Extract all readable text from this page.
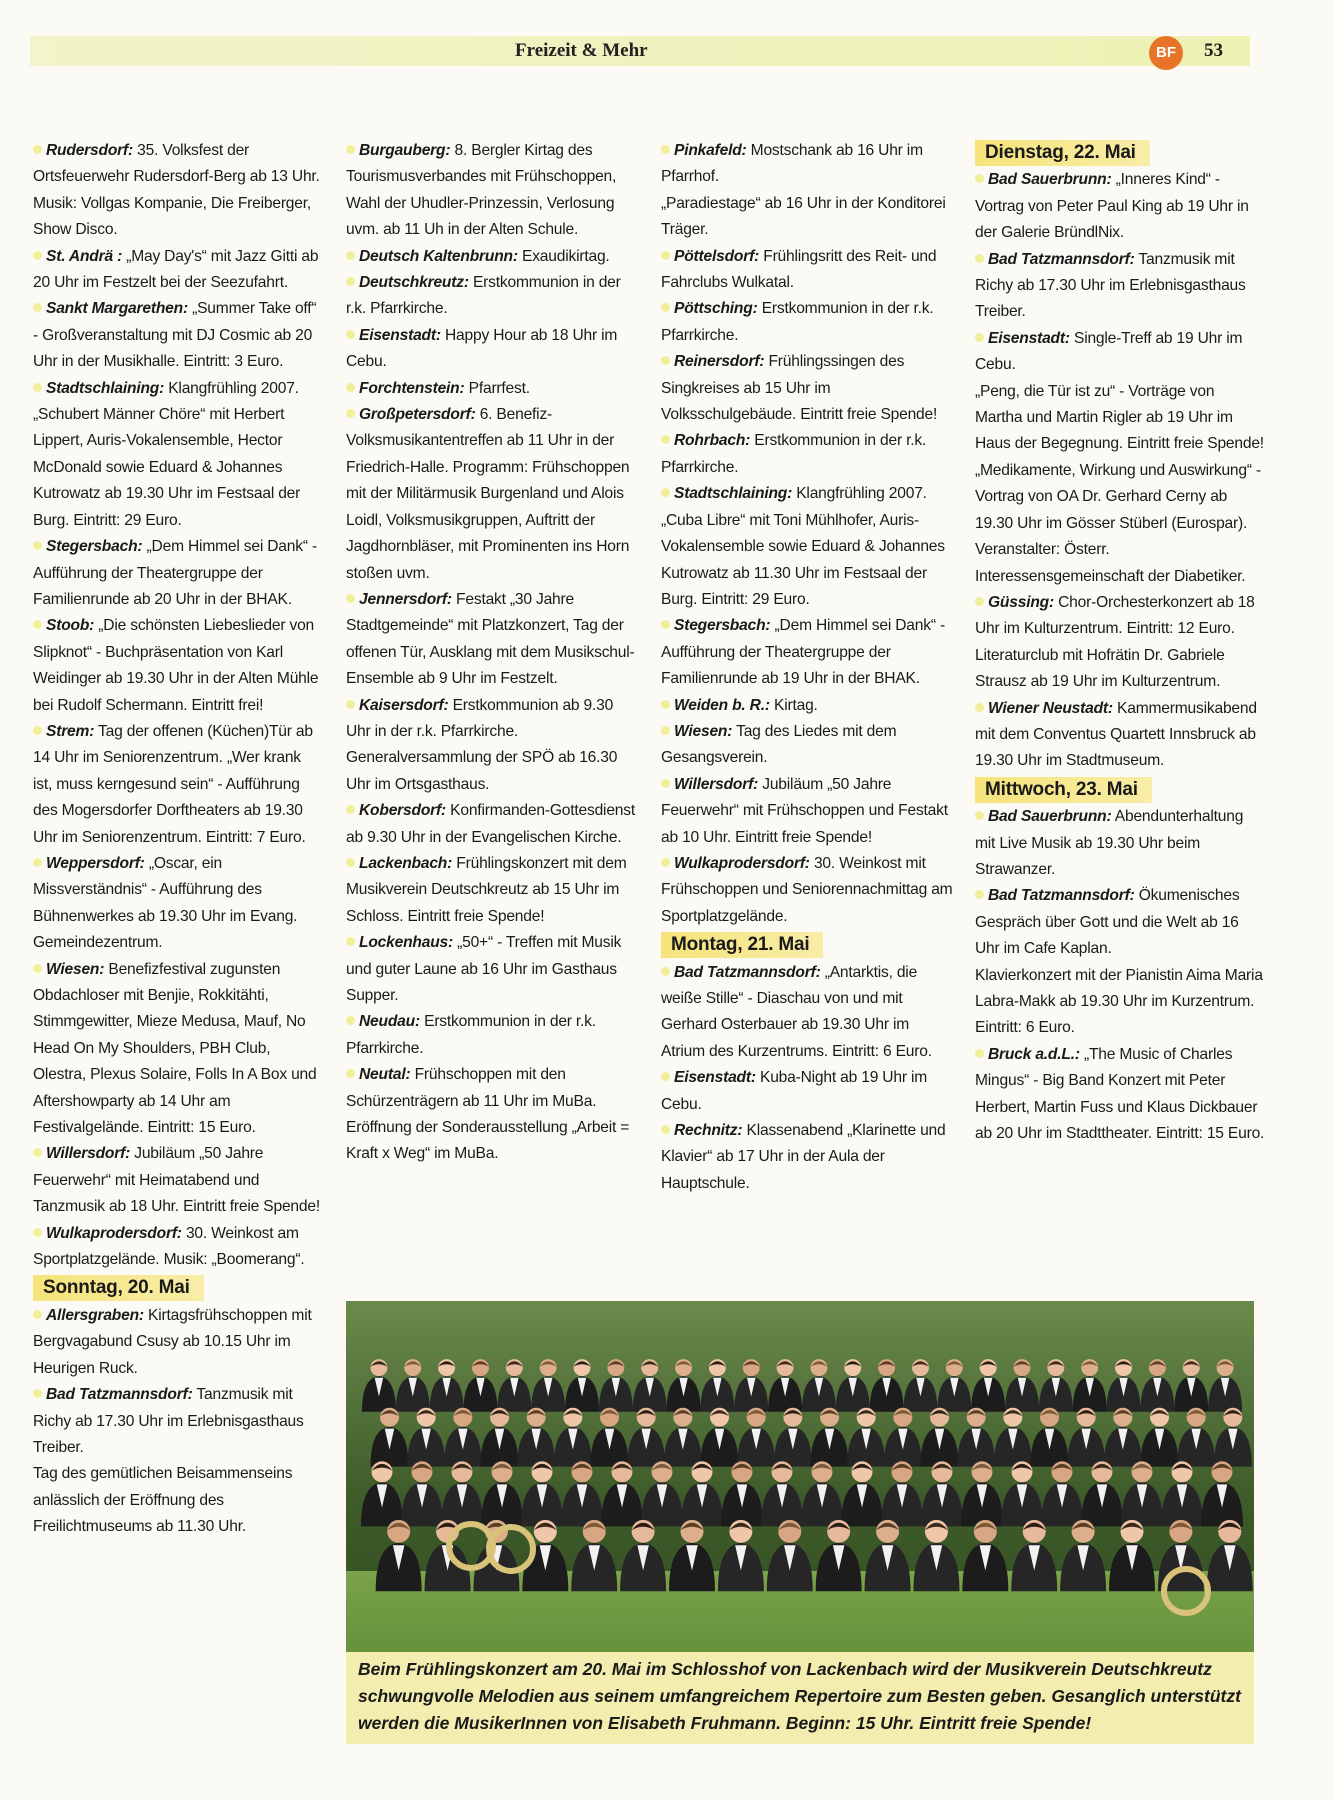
Freizeit & Mehr	BF	53

Rudersdorf: 35. Volksfest der Ortsfeuerwehr Rudersdorf-Berg ab 13 Uhr. Musik: Vollgas Kompanie, Die Freiberger, Show Disco.

St. Andrä : „May Day's“ mit Jazz Gitti ab 20 Uhr im Festzelt bei der Seezufahrt.

Sankt Margarethen: „Summer Take off“ - Großveranstaltung mit DJ Cosmic ab 20 Uhr in der Musikhalle. Eintritt: 3 Euro.

Stadtschlaining: Klangfrühling 2007. „Schubert Männer Chöre“ mit Herbert Lippert, Auris-Vokalensemble, Hector McDonald sowie Eduard & Johannes Kutrowatz ab 19.30 Uhr im Festsaal der Burg. Eintritt: 29 Euro.

Stegersbach: „Dem Himmel sei Dank“ - Aufführung der Theatergruppe der Familienrunde ab 20 Uhr in der BHAK.

Stoob: „Die schönsten Liebeslieder von Slipknot“ - Buchpräsentation von Karl Weidinger ab 19.30 Uhr in der Alten Mühle bei Rudolf Schermann. Eintritt frei!

Strem: Tag der offenen (Küchen)Tür ab 14 Uhr im Seniorenzentrum. „Wer krank ist, muss kerngesund sein“ - Aufführung des Mogersdorfer Dorftheaters ab 19.30 Uhr im Seniorenzentrum. Eintritt: 7 Euro.

Weppersdorf: „Oscar, ein Missverständnis“ - Aufführung des Bühnenwerkes ab 19.30 Uhr im Evang. Gemeindezentrum.

Wiesen: Benefizfestival zugunsten Obdachloser mit Benjie, Rokkitähti, Stimmgewitter, Mieze Medusa, Mauf, No Head On My Shoulders, PBH Club, Olestra, Plexus Solaire, Folls In A Box und Aftershowparty ab 14 Uhr am Festivalgelände. Eintritt: 15 Euro.

Willersdorf: Jubiläum „50 Jahre Feuerwehr“ mit Heimatabend und Tanzmusik ab 18 Uhr. Eintritt freie Spende!

Wulkaprodersdorf: 30. Weinkost am Sportplatzgelände. Musik: „Boomerang“.

Sonntag, 20. Mai

Allersgraben: Kirtagsfrühschoppen mit Bergvagabund Csusy ab 10.15 Uhr im Heurigen Ruck.

Bad Tatzmannsdorf: Tanzmusik mit Richy ab 17.30 Uhr im Erlebnisgasthaus Treiber.

Tag des gemütlichen Beisammenseins anlässlich der Eröffnung des Freilichtmuseums ab 11.30 Uhr.

Burgauberg: 8. Bergler Kirtag des Tourismusverbandes mit Frühschoppen, Wahl der Uhudler-Prinzessin, Verlosung uvm. ab 11 Uh in der Alten Schule.

Deutsch Kaltenbrunn: Exaudikirtag.

Deutschkreutz: Erstkommunion in der r.k. Pfarrkirche.

Eisenstadt: Happy Hour ab 18 Uhr im Cebu.

Forchtenstein: Pfarrfest.

Großpetersdorf: 6. Benefiz-Volksmusikantentreffen ab 11 Uhr in der Friedrich-Halle. Programm: Frühschoppen mit der Militärmusik Burgenland und Alois Loidl, Volksmusikgruppen, Auftritt der Jagdhornbläser, mit Prominenten ins Horn stoßen uvm.

Jennersdorf: Festakt „30 Jahre Stadtgemeinde“ mit Platzkonzert, Tag der offenen Tür, Ausklang mit dem Musikschul-Ensemble ab 9 Uhr im Festzelt.

Kaisersdorf: Erstkommunion ab 9.30 Uhr in der r.k. Pfarrkirche. Generalversammlung der SPÖ ab 16.30 Uhr im Ortsgasthaus.

Kobersdorf: Konfirmanden-Gottesdienst ab 9.30 Uhr in der Evangelischen Kirche.

Lackenbach: Frühlingskonzert mit dem Musikverein Deutschkreutz ab 15 Uhr im Schloss. Eintritt freie Spende!

Lockenhaus: „50+“ - Treffen mit Musik und guter Laune ab 16 Uhr im Gasthaus Supper.

Neudau: Erstkommunion in der r.k. Pfarrkirche.

Neutal: Frühschoppen mit den Schürzenträgern ab 11 Uhr im MuBa. Eröffnung der Sonderausstellung „Arbeit = Kraft x Weg“ im MuBa.

Pinkafeld: Mostschank ab 16 Uhr im Pfarrhof.

„Paradiestage“ ab 16 Uhr in der Konditorei Träger.

Pöttelsdorf: Frühlingsritt des Reit- und Fahrclubs Wulkatal.

Pöttsching: Erstkommunion in der r.k. Pfarrkirche.

Reinersdorf: Frühlingssingen des Singkreises ab 15 Uhr im Volksschulgebäude. Eintritt freie Spende!

Rohrbach: Erstkommunion in der r.k. Pfarrkirche.

Stadtschlaining: Klangfrühling 2007. „Cuba Libre“ mit Toni Mühlhofer, Auris-Vokalensemble sowie Eduard & Johannes Kutrowatz ab 11.30 Uhr im Festsaal der Burg. Eintritt: 29 Euro.

Stegersbach: „Dem Himmel sei Dank“ - Aufführung der Theatergruppe der Familienrunde ab 19 Uhr in der BHAK.

Weiden b. R.: Kirtag.

Wiesen: Tag des Liedes mit dem Gesangsverein.

Willersdorf: Jubiläum „50 Jahre Feuerwehr“ mit Frühschoppen und Festakt ab 10 Uhr. Eintritt freie Spende!

Wulkaprodersdorf: 30. Weinkost mit Frühschoppen und Seniorennachmittag am Sportplatzgelände.

Montag, 21. Mai

Bad Tatzmannsdorf: „Antarktis, die weiße Stille“ - Diaschau von und mit Gerhard Osterbauer ab 19.30 Uhr im Atrium des Kurzentrums. Eintritt: 6 Euro.

Eisenstadt: Kuba-Night ab 19 Uhr im Cebu.

Rechnitz: Klassenabend „Klarinette und Klavier“ ab 17 Uhr in der Aula der Hauptschule.

Dienstag, 22. Mai

Bad Sauerbrunn: „Inneres Kind“ - Vortrag von Peter Paul King ab 19 Uhr in der Galerie BründlNix.

Bad Tatzmannsdorf: Tanzmusik mit Richy ab 17.30 Uhr im Erlebnisgasthaus Treiber.

Eisenstadt: Single-Treff ab 19 Uhr im Cebu.

„Peng, die Tür ist zu“ - Vorträge von Martha und Martin Rigler ab 19 Uhr im Haus der Begegnung. Eintritt freie Spende!

„Medikamente, Wirkung und Auswirkung“ - Vortrag von OA Dr. Gerhard Cerny ab 19.30 Uhr im Gösser Stüberl (Eurospar). Veranstalter: Österr. Interessensgemeinschaft der Diabetiker.

Güssing: Chor-Orchesterkonzert ab 18 Uhr im Kulturzentrum. Eintritt: 12 Euro.

Literaturclub mit Hofrätin Dr. Gabriele Strausz ab 19 Uhr im Kulturzentrum.

Wiener Neustadt: Kammermusikabend mit dem Conventus Quartett Innsbruck ab 19.30 Uhr im Stadtmuseum.

Mittwoch, 23. Mai

Bad Sauerbrunn: Abendunterhaltung mit Live Musik ab 19.30 Uhr beim Strawanzer.

Bad Tatzmannsdorf: Ökumenisches Gespräch über Gott und die Welt ab 16 Uhr im Cafe Kaplan.

Klavierkonzert mit der Pianistin Aima Maria Labra-Makk ab 19.30 Uhr im Kurzentrum. Eintritt: 6 Euro.

Bruck a.d.L.: „The Music of Charles Mingus“ - Big Band Konzert mit Peter Herbert, Martin Fuss und Klaus Dickbauer ab 20 Uhr im Stadttheater. Eintritt: 15 Euro.

Beim Frühlingskonzert am 20. Mai im Schlosshof von Lackenbach wird der Musikverein Deutschkreutz schwungvolle Melodien aus seinem umfangreichem Repertoire zum Besten geben. Gesanglich unterstützt werden die MusikerInnen von Elisabeth Fruhmann. Beginn: 15 Uhr. Eintritt freie Spende!
